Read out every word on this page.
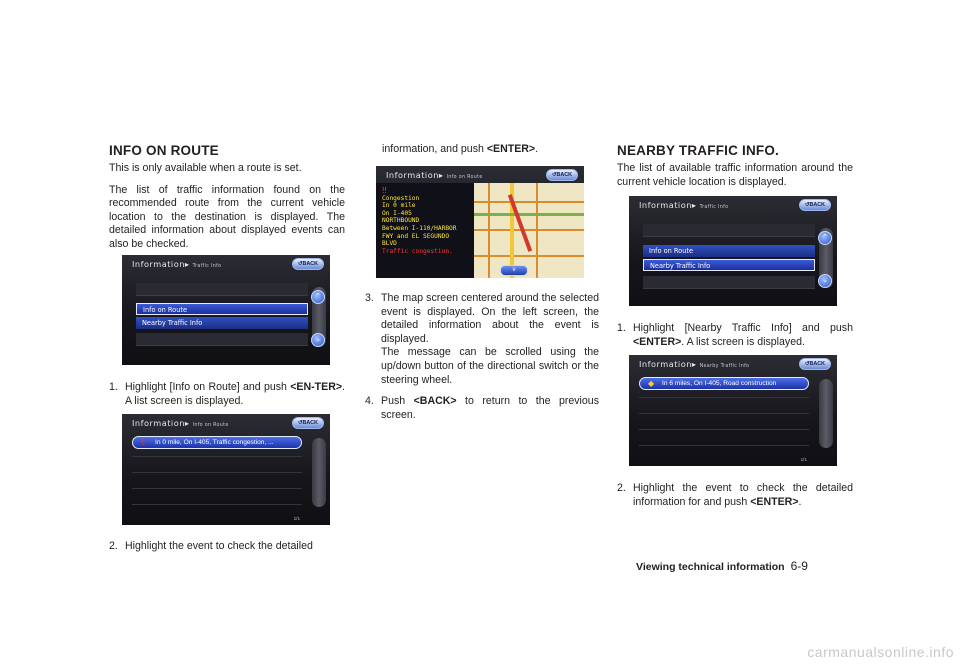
INFO ON ROUTE

This is only available when a route is set.

The list of traffic information found on the recommended route from the current vehicle location to the destination is displayed. The detailed information about displayed events can also be checked.

Information▸ Traffic Info	↺BACK
Info on Route
Nearby Traffic Info
⌃
⌄
1. Highlight [Info on Route] and push <EN-TER>. A list screen is displayed.
Information▸ Info on Route	↺BACK
‼ In 0 mile, On I-405, Traffic congestion, ...
1/1
2. Highlight the event to check the detailed
information, and push <ENTER>.
Information▸ Info on Route	↺BACK
‼
Congestion
In 0 mile
On I-405
NORTHBOUND
Between I-110/HARBOR
FWY and EL SEGUNDO
BLVD
Traffic congestion.
v
3. The map screen centered around the selected event is displayed. On the left screen, the detailed information about the event is displayed.
The message can be scrolled using the up/down button of the directional switch or the steering wheel.
4. Push <BACK> to return to the previous screen.
NEARBY TRAFFIC INFO.

The list of available traffic information around the current vehicle location is displayed.

Information▸ Traffic Info	↺BACK
Info on Route
Nearby Traffic Info
⌃
⌄
1. Highlight [Nearby Traffic Info] and push <ENTER>. A list screen is displayed.
Information▸ Nearby Traffic Info	↺BACK
◆ In 6 miles, On I-405, Road construction
1/1
2. Highlight the event to check the detailed information for and push <ENTER>.
Viewing technical information 6-9
carmanualsonline.info
